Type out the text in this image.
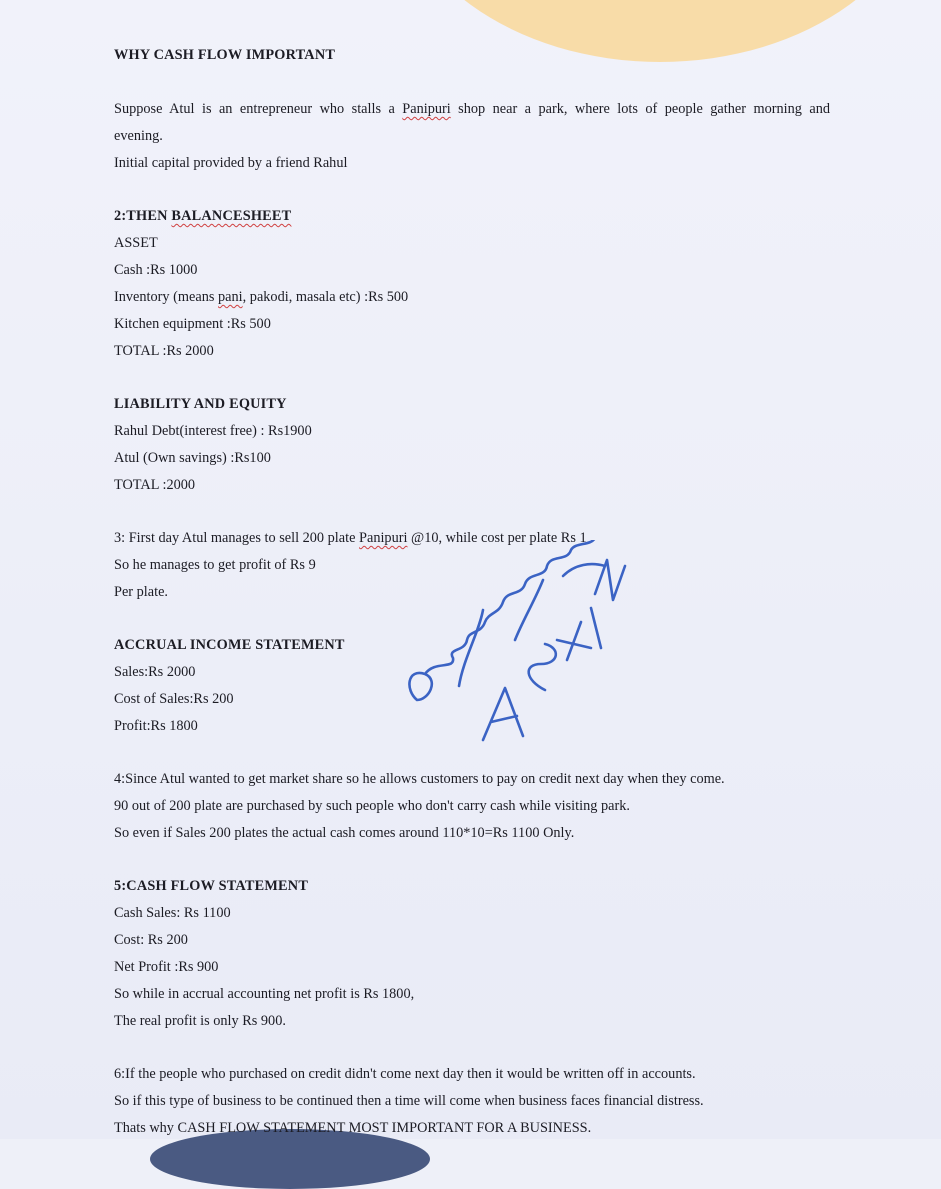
WHY CASH FLOW IMPORTANT

Suppose Atul is an entrepreneur who stalls a Panipuri shop near a park, where lots of people gather morning and

evening.

Initial capital provided by a friend Rahul

2:THEN BALANCESHEET

ASSET

Cash :Rs 1000

Inventory (means pani, pakodi, masala etc) :Rs 500

Kitchen equipment :Rs 500

TOTAL :Rs 2000

LIABILITY AND EQUITY

Rahul Debt(interest free) : Rs1900

Atul (Own savings) :Rs100

TOTAL :2000

3: First day Atul manages to sell 200 plate Panipuri @10, while cost per plate Rs 1

So he manages to get profit of Rs 9

Per plate.

ACCRUAL INCOME STATEMENT

Sales:Rs 2000

Cost of Sales:Rs 200

Profit:Rs 1800

4:Since Atul wanted to get market share so he allows customers to pay on credit next day when they come.

90 out of 200 plate are purchased by such people who don't carry cash while visiting park.

So even if Sales 200 plates the actual cash comes around 110*10=Rs 1100 Only.

5:CASH FLOW STATEMENT

Cash Sales: Rs 1100

Cost: Rs 200

Net Profit :Rs 900

So while in accrual accounting net profit is Rs 1800,

The real profit is only Rs 900.

6:If the people who purchased on credit didn't come next day then it would be written off in accounts.

So if this type of business to be continued then a time will come when business faces financial distress.

Thats why CASH FLOW STATEMENT MOST IMPORTANT FOR A BUSINESS.
